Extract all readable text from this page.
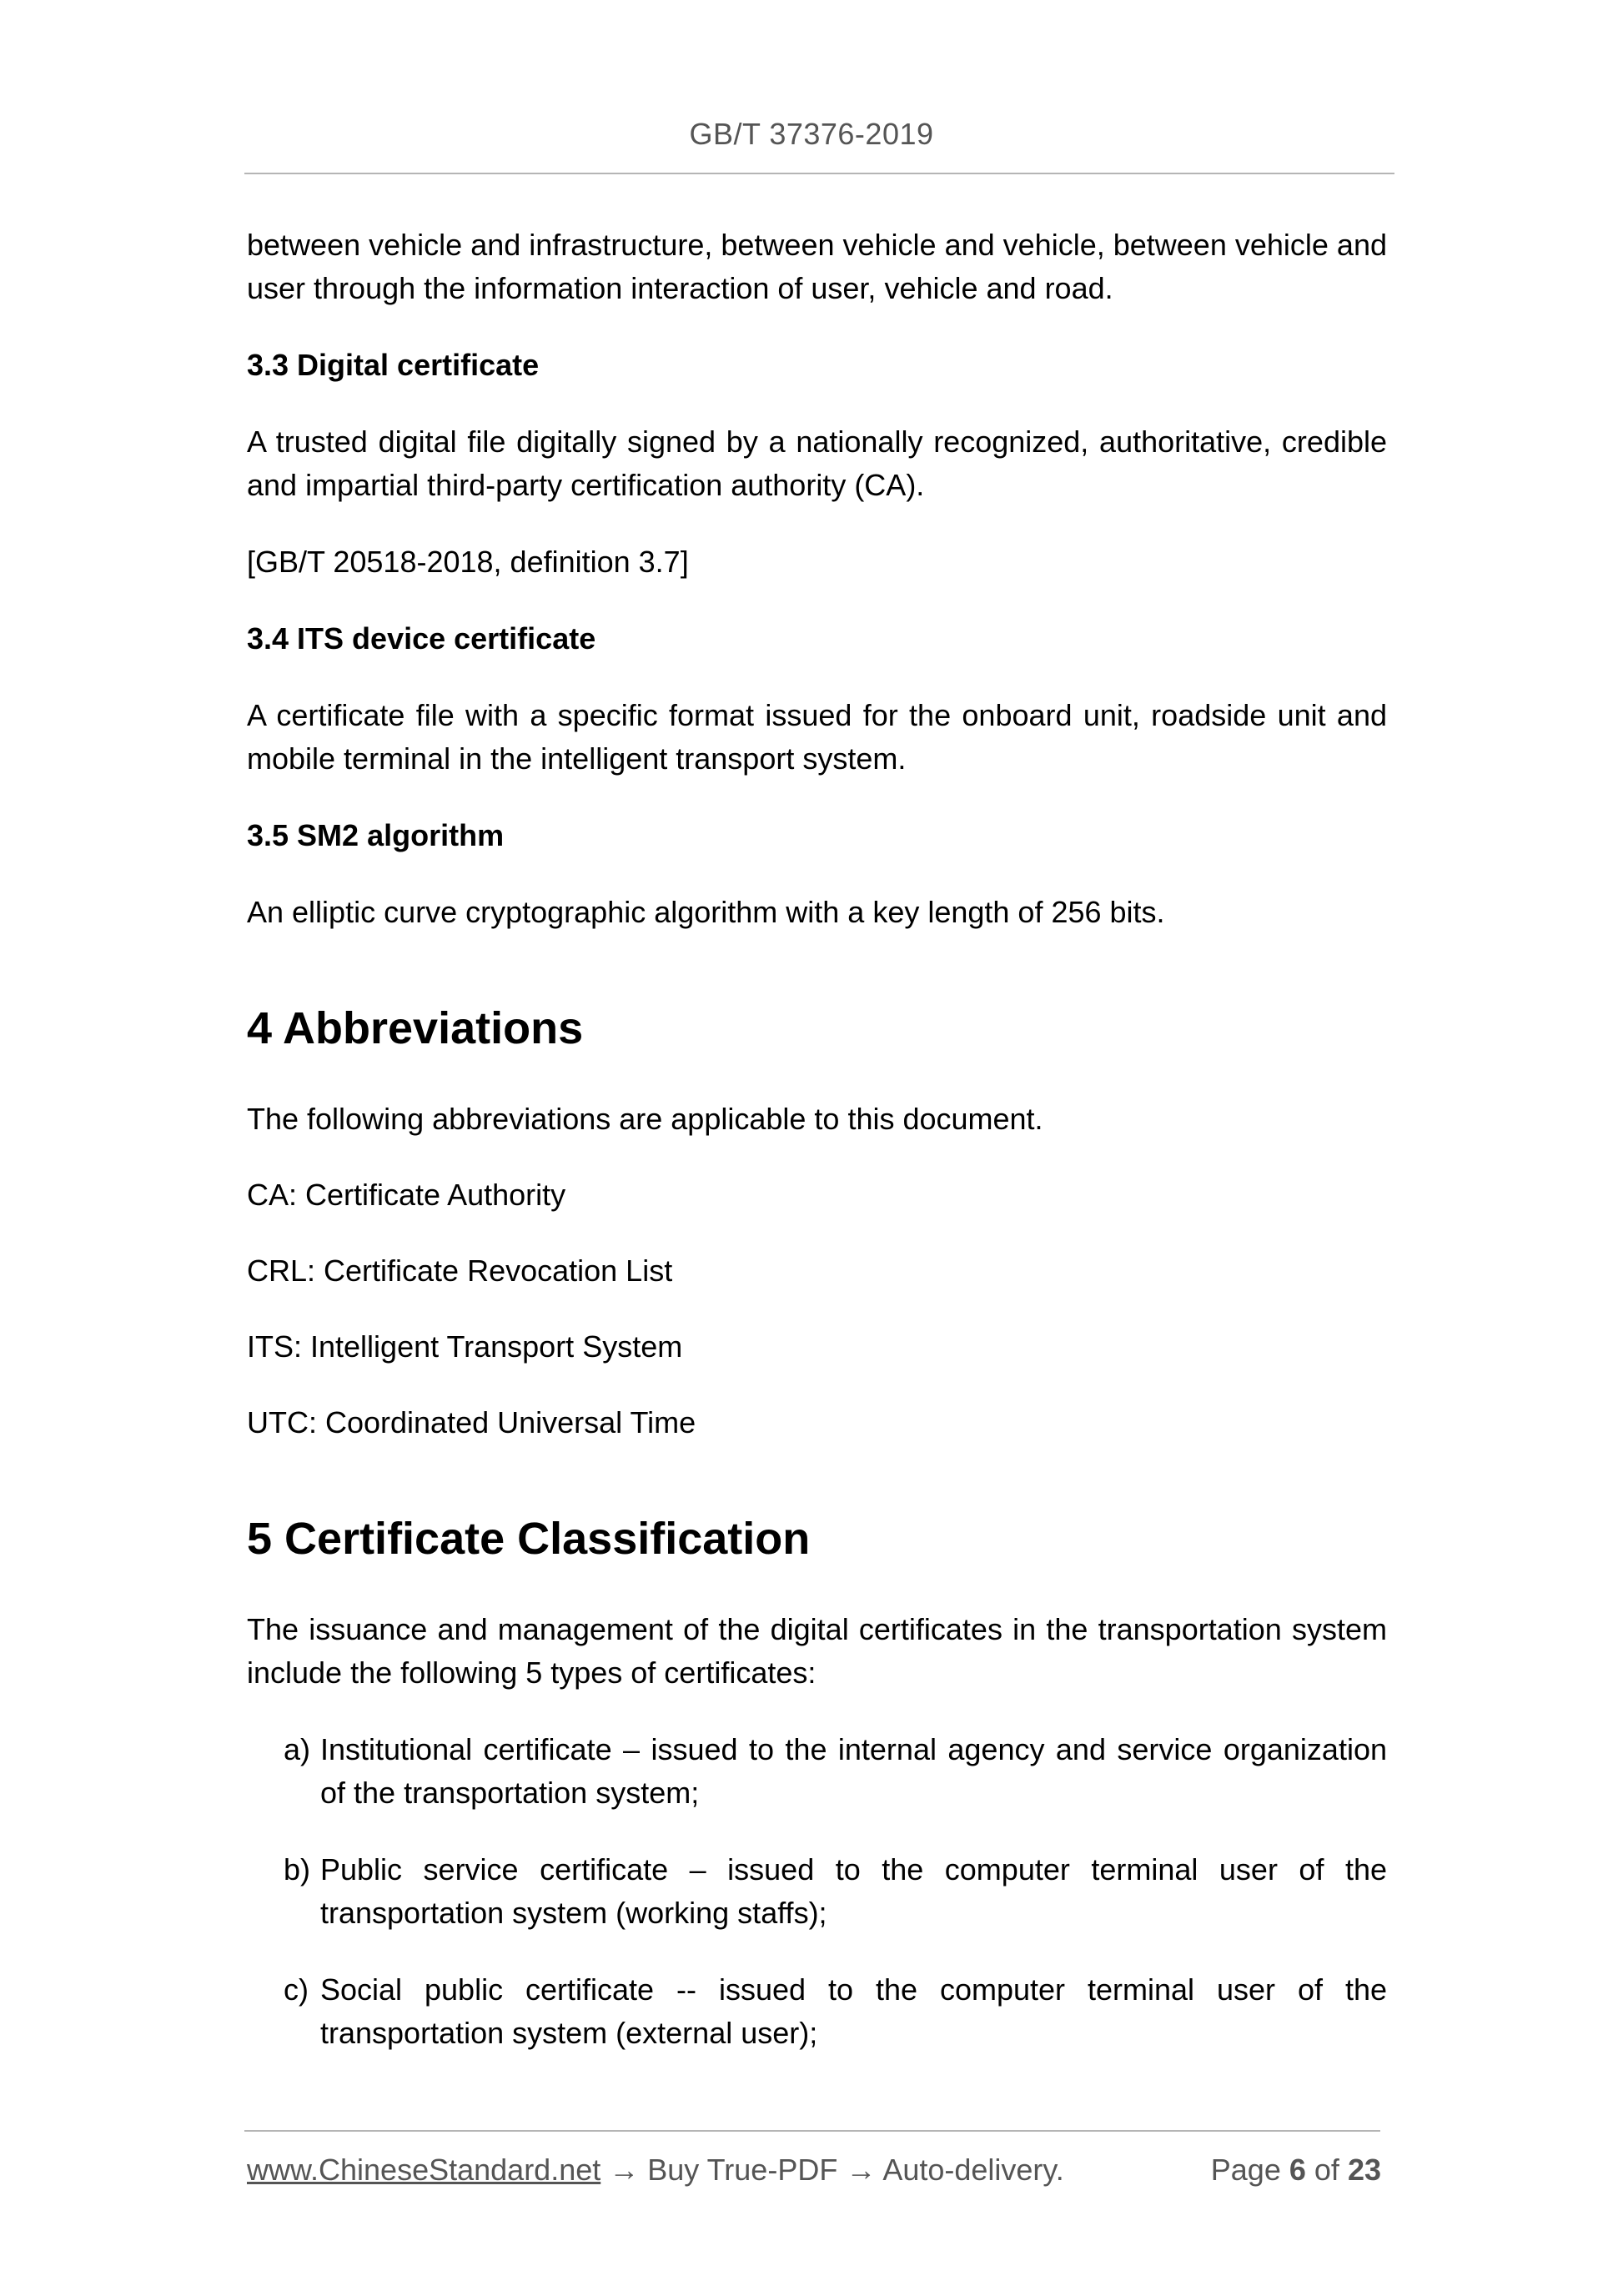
GB/T 37376-2019

between vehicle and infrastructure, between vehicle and vehicle, between vehicle and user through the information interaction of user, vehicle and road.

3.3 Digital certificate

A trusted digital file digitally signed by a nationally recognized, authoritative, credible and impartial third-party certification authority (CA).

[GB/T 20518-2018, definition 3.7]

3.4 ITS device certificate

A certificate file with a specific format issued for the onboard unit, roadside unit and mobile terminal in the intelligent transport system.

3.5 SM2 algorithm

An elliptic curve cryptographic algorithm with a key length of 256 bits.

4 Abbreviations

The following abbreviations are applicable to this document.

CA: Certificate Authority

CRL: Certificate Revocation List

ITS: Intelligent Transport System

UTC: Coordinated Universal Time

5 Certificate Classification

The issuance and management of the digital certificates in the transportation system include the following 5 types of certificates:

a) Institutional certificate – issued to the internal agency and service organization of the transportation system;
b) Public service certificate – issued to the computer terminal user of the transportation system (working staffs);
c) Social public certificate -- issued to the computer terminal user of the transportation system (external user);
www.ChineseStandard.net → Buy True-PDF → Auto-delivery.	Page 6 of 23
